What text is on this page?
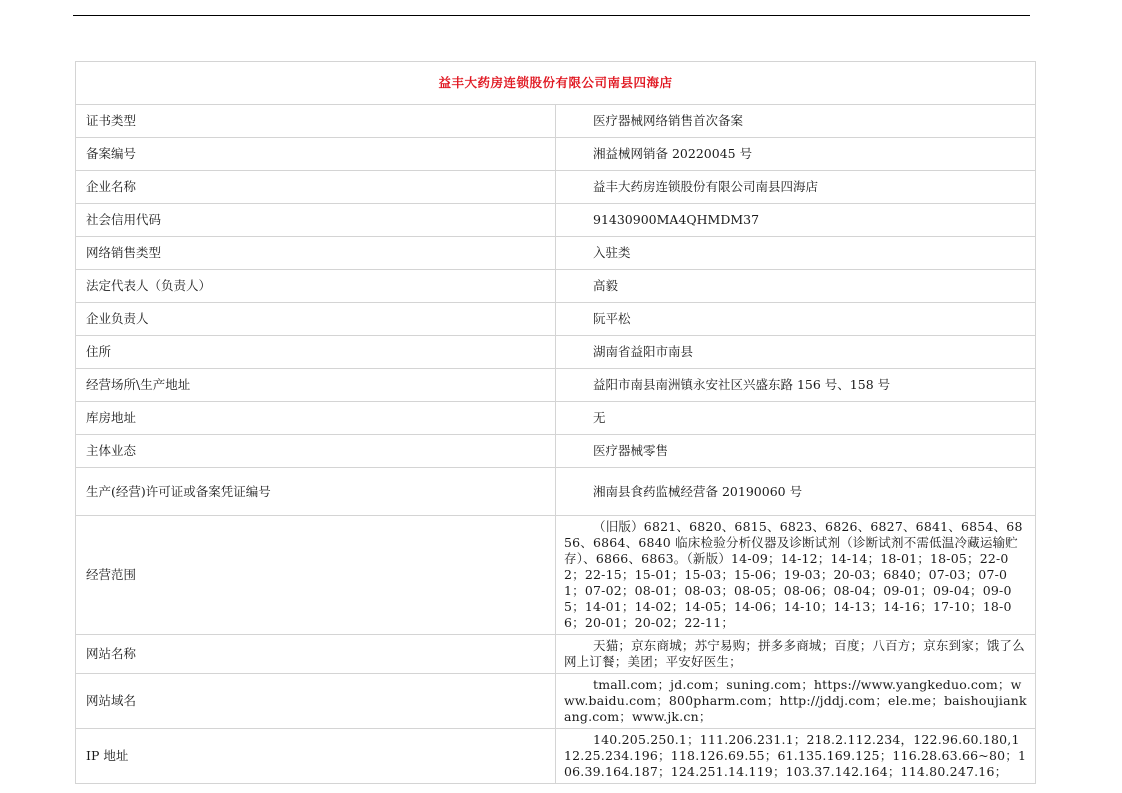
益丰大药房连锁股份有限公司南县四海店	
证书类型	医疗器械网络销售首次备案
备案编号	湘益械网销备 20220045 号
企业名称	益丰大药房连锁股份有限公司南县四海店
社会信用代码	91430900MA4QHMDM37
网络销售类型	入驻类
法定代表人（负责人）	高毅
企业负责人	阮平松
住所	湖南省益阳市南县
经营场所\生产地址	益阳市南县南洲镇永安社区兴盛东路 156 号、158 号
库房地址	无
主体业态	医疗器械零售
生产(经营)许可证或备案凭证编号	湘南县食药监械经营备 20190060 号
经营范围	（旧版）6821、6820、6815、6823、6826、6827、6841、6854、6856、6864、6840 临床检验分析仪器及诊断试剂（诊断试剂不需低温冷藏运输贮存）、6866、6863。（新版）14-09；14-12；14-14；18-01；18-05；22-02；22-15；15-01；15-03；15-06；19-03；20-03；6840；07-03；07-01；07-02；08-01；08-03；08-05；08-06；08-04；09-01；09-04；09-05；14-01；14-02；14-05；14-06；14-10；14-13；14-16；17-10；18-06；20-01；20-02；22-11；
网站名称	天猫；京东商城；苏宁易购；拼多多商城；百度；八百方；京东到家；饿了么网上订餐；美团；平安好医生；
网站域名	tmall.com；jd.com；suning.com；https://www.yangkeduo.com；www.baidu.com；800pharm.com；http://jddj.com；ele.me；baishoujiankang.com；www.jk.cn；
IP 地址	140.205.250.1；111.206.231.1；218.2.112.234，122.96.60.180,112.25.234.196；118.126.69.55；61.135.169.125；116.28.63.66~80；106.39.164.187；124.251.14.119；103.37.142.164；114.80.247.16；
